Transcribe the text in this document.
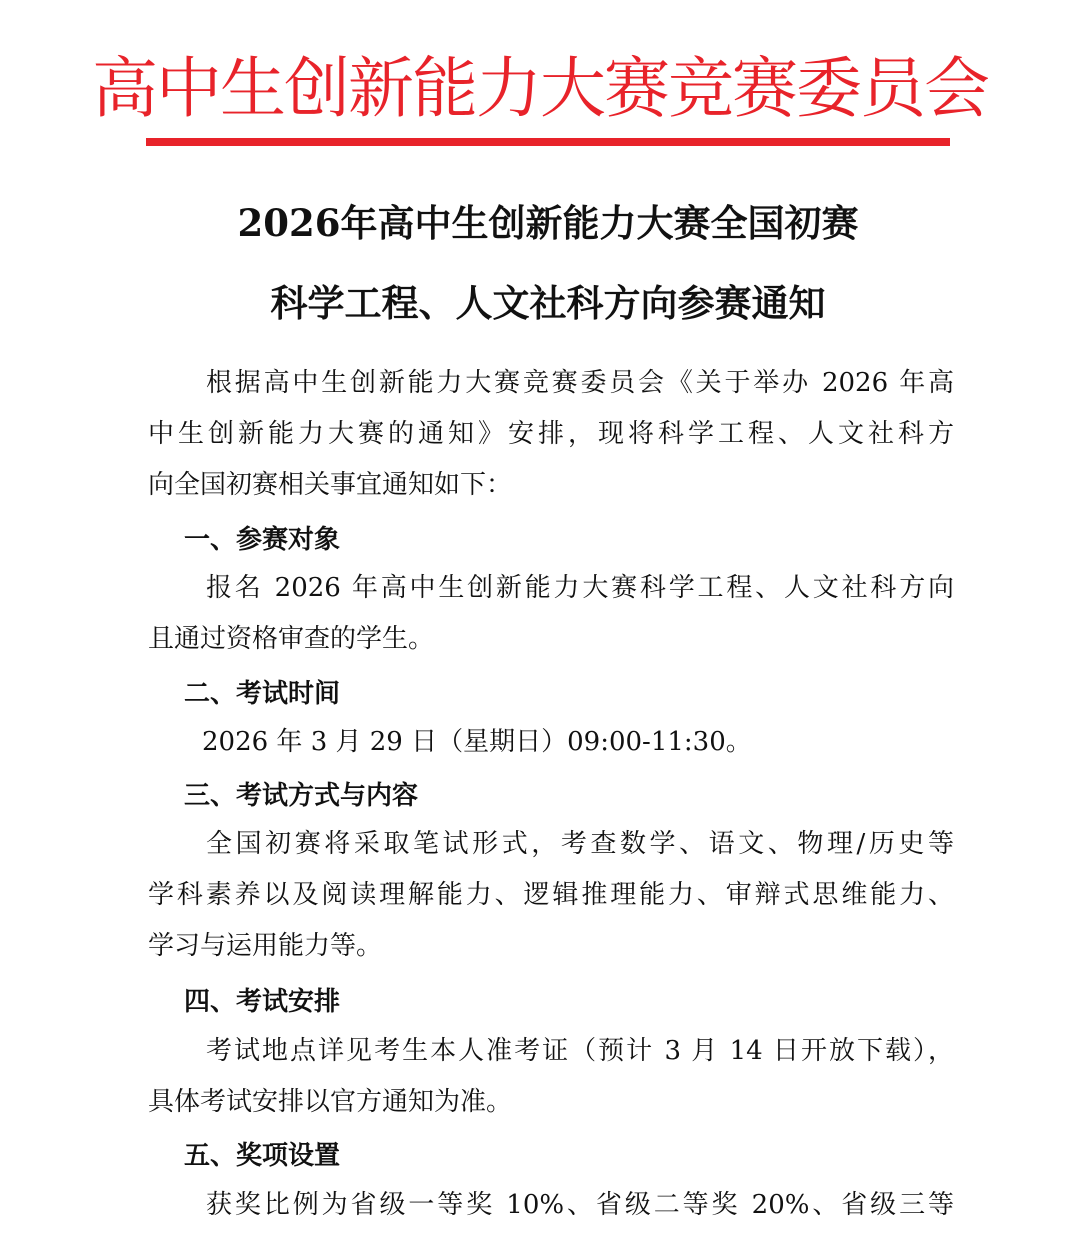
高中生创新能力大赛竞赛委员会
2026年高中生创新能力大赛全国初赛
科学工程、人文社科方向参赛通知
根据高中生创新能力大赛竞赛委员会《关于举办 2026 年高
中生创新能力大赛的通知》安排，现将科学工程、人文社科方
向全国初赛相关事宜通知如下：
一、参赛对象
报名 2026 年高中生创新能力大赛科学工程、人文社科方向
且通过资格审查的学生。
二、考试时间
2026 年 3 月 29 日（星期日）09:00-11:30。
三、考试方式与内容
全国初赛将采取笔试形式，考查数学、语文、物理/历史等
学科素养以及阅读理解能力、逻辑推理能力、审辩式思维能力、
学习与运用能力等。
四、考试安排
考试地点详见考生本人准考证（预计 3 月 14 日开放下载），
具体考试安排以官方通知为准。
五、奖项设置
获奖比例为省级一等奖 10%、省级二等奖 20%、省级三等
